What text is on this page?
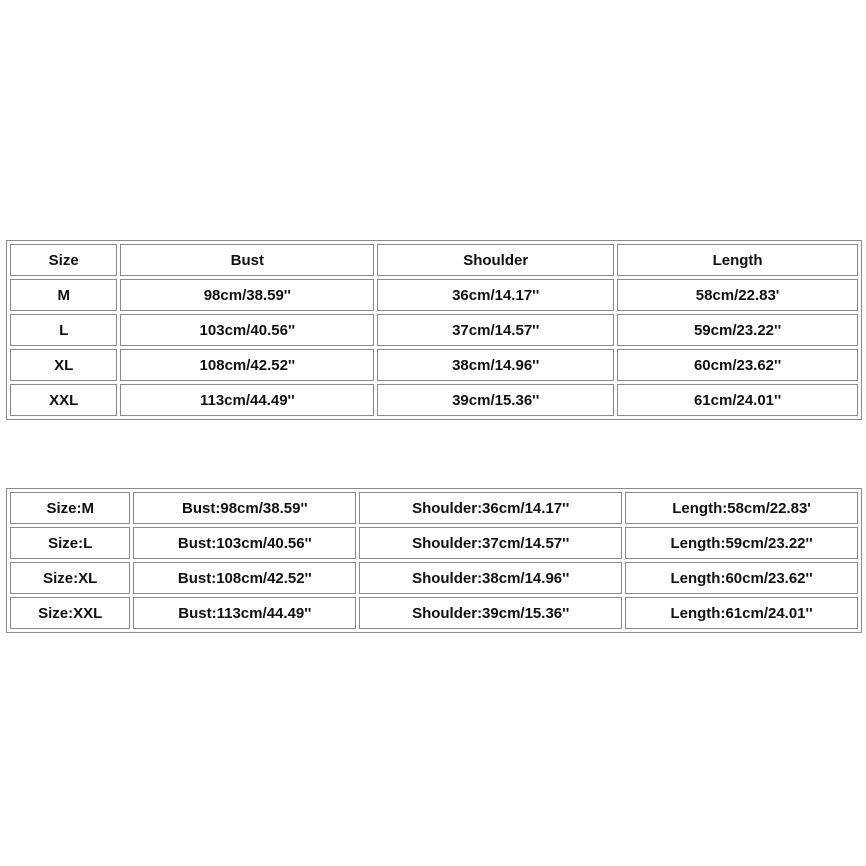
Size	Bust	Shoulder	Length
M	98cm/38.59''	36cm/14.17''	58cm/22.83'
L	103cm/40.56''	37cm/14.57''	59cm/23.22''
XL	108cm/42.52''	38cm/14.96''	60cm/23.62''
XXL	113cm/44.49''	39cm/15.36''	61cm/24.01''
Size:M	Bust:98cm/38.59''	Shoulder:36cm/14.17''	Length:58cm/22.83'
Size:L	Bust:103cm/40.56''	Shoulder:37cm/14.57''	Length:59cm/23.22''
Size:XL	Bust:108cm/42.52''	Shoulder:38cm/14.96''	Length:60cm/23.62''
Size:XXL	Bust:113cm/44.49''	Shoulder:39cm/15.36''	Length:61cm/24.01''
